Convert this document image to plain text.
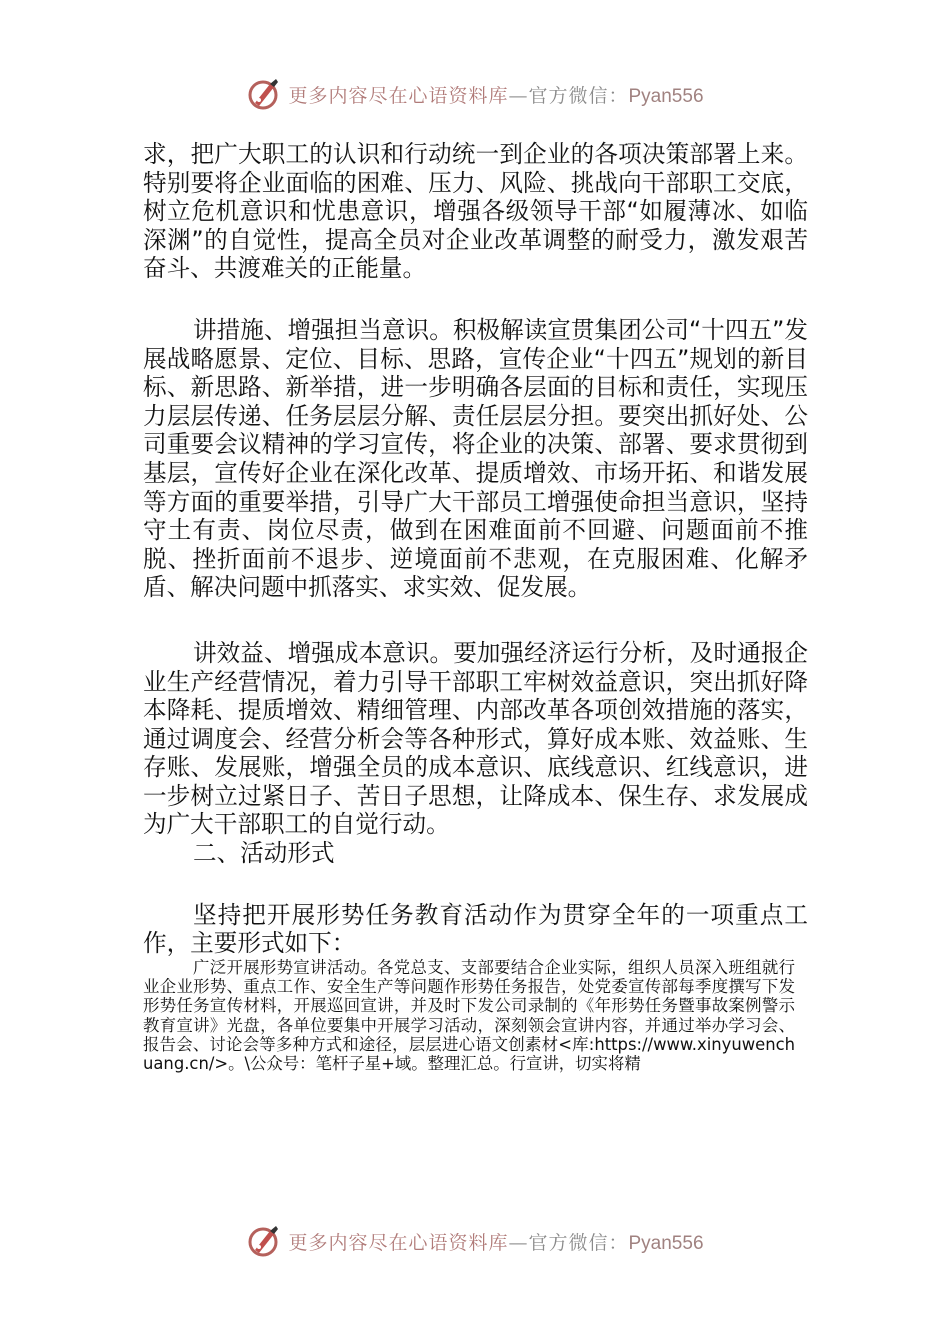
更多内容尽在心语资料库—官方微信：Pyan556

求，把广大职工的认识和行动统一到企业的各项决策部署上来。特别要将企业面临的困难、压力、风险、挑战向干部职工交底，树立危机意识和忧患意识，增强各级领导干部“如履薄冰、如临深渊”的自觉性，提高全员对企业改革调整的耐受力，激发艰苦奋斗、共渡难关的正能量。

讲措施、增强担当意识。积极解读宣贯集团公司“十四五”发展战略愿景、定位、目标、思路，宣传企业“十四五”规划的新目标、新思路、新举措，进一步明确各层面的目标和责任，实现压力层层传递、任务层层分解、责任层层分担。要突出抓好处、公司重要会议精神的学习宣传，将企业的决策、部署、要求贯彻到基层，宣传好企业在深化改革、提质增效、市场开拓、和谐发展等方面的重要举措，引导广大干部员工增强使命担当意识，坚持守土有责、岗位尽责，做到在困难面前不回避、问题面前不推脱、挫折面前不退步、逆境面前不悲观，在克服困难、化解矛盾、解决问题中抓落实、求实效、促发展。

讲效益、增强成本意识。要加强经济运行分析，及时通报企业生产经营情况，着力引导干部职工牢树效益意识，突出抓好降本降耗、提质增效、精细管理、内部改革各项创效措施的落实，通过调度会、经营分析会等各种形式，算好成本账、效益账、生存账、发展账，增强全员的成本意识、底线意识、红线意识，进一步树立过紧日子、苦日子思想，让降成本、保生存、求发展成为广大干部职工的自觉行动。

二、活动形式

坚持把开展形势任务教育活动作为贯穿全年的一项重点工作，主要形式如下：

广泛开展形势宣讲活动。各党总支、支部要结合企业实际，组织人员深入班组就行业企业形势、重点工作、安全生产等问题作形势任务报告，处党委宣传部每季度撰写下发形势任务宣传材料，开展巡回宣讲，并及时下发公司录制的《年形势任务暨事故案例警示教育宣讲》光盘，各单位要集中开展学习活动，深刻领会宣讲内容，并通过举办学习会、报告会、讨论会等多种方式和途径，层层进心语文创素材<库:https://www.xinyuwenchuang.cn/>。\公众号：笔杆子星+域。整理汇总。行宣讲，切实将精

更多内容尽在心语资料库—官方微信：Pyan556
